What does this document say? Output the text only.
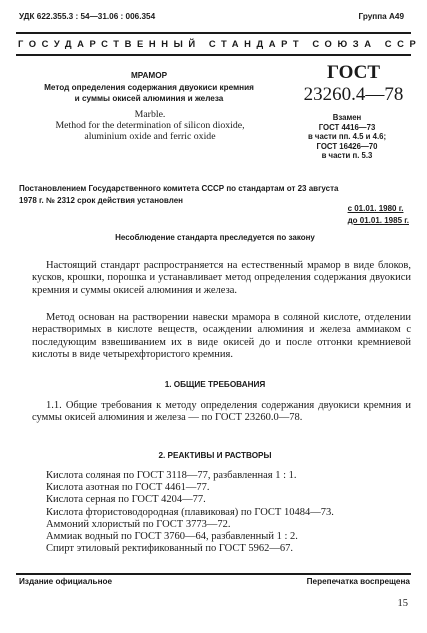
УДК 622.355.3 : 54—31.06 : 006.354	Группа А49
ГОСУДАРСТВЕННЫЙ СТАНДАРТ СОЮЗА ССР
МРАМОР
Метод определения содержания двуокиси кремния
и суммы окисей алюминия и железа
Marble.
Method for the determination of silicon dioxide,
aluminium oxide and ferric oxide
ГОСТ
23260.4—78
Взамен
ГОСТ 4416—73
в части пп. 4.5 и 4.6;
ГОСТ 16426—70
в части п. 5.3
Постановлением Государственного комитета СССР по стандартам от 23 августа
1978 г. № 2312 срок действия установлен
с 01.01. 1980 г.
до 01.01. 1985 г.
Несоблюдение стандарта преследуется по закону
Настоящий стандарт распространяется на естественный мрамор в виде блоков, кусков, крошки, порошка и устанавливает метод определения содержания двуокиси кремния и суммы окисей алюминия и железа.
Метод основан на растворении навески мрамора в соляной кислоте, отделении нерастворимых в кислоте веществ, осаждении алюминия и железа аммиаком с последующим взвешиванием их в виде окисей до и после отгонки кремниевой кислоты в виде четырехфтористого кремния.
1. ОБЩИЕ ТРЕБОВАНИЯ
1.1. Общие требования к методу определения содержания двуокиси кремния и суммы окисей алюминия и железа — по ГОСТ 23260.0—78.
2. РЕАКТИВЫ И РАСТВОРЫ
Кислота соляная по ГОСТ 3118—77, разбавленная 1 : 1.
Кислота азотная по ГОСТ 4461—77.
Кислота серная по ГОСТ 4204—77.
Кислота фтористоводородная (плавиковая) по ГОСТ 10484—73.
Аммоний хлористый по ГОСТ 3773—72.
Аммиак водный по ГОСТ 3760—64, разбавленный 1 : 2.
Спирт этиловый ректификованный по ГОСТ 5962—67.
Издание официальное	Перепечатка воспрещена
15
